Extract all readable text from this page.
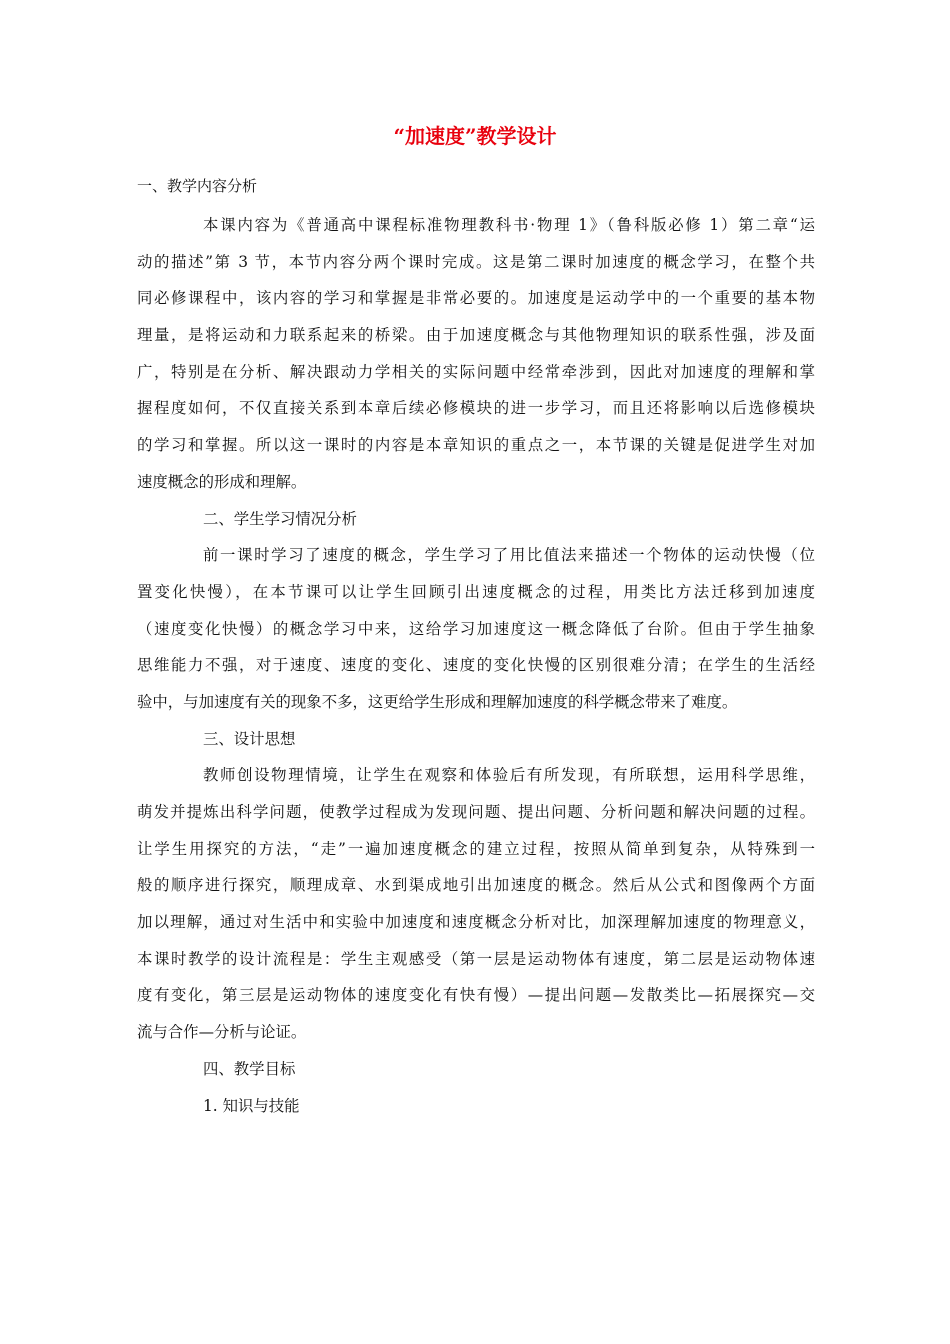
“加速度”教学设计

一、教学内容分析

本课内容为《普通高中课程标准物理教科书·物理 1》（鲁科版必修 1）第二章“运
动的描述”第 3 节，本节内容分两个课时完成。这是第二课时加速度的概念学习，在整个共
同必修课程中，该内容的学习和掌握是非常必要的。加速度是运动学中的一个重要的基本物
理量，是将运动和力联系起来的桥梁。由于加速度概念与其他物理知识的联系性强，涉及面
广，特别是在分析、解决跟动力学相关的实际问题中经常牵涉到，因此对加速度的理解和掌
握程度如何，不仅直接关系到本章后续必修模块的进一步学习，而且还将影响以后选修模块
的学习和掌握。所以这一课时的内容是本章知识的重点之一，本节课的关键是促进学生对加
速度概念的形成和理解。
二、学生学习情况分析
前一课时学习了速度的概念，学生学习了用比值法来描述一个物体的运动快慢（位
置变化快慢），在本节课可以让学生回顾引出速度概念的过程，用类比方法迁移到加速度
（速度变化快慢）的概念学习中来，这给学习加速度这一概念降低了台阶。但由于学生抽象
思维能力不强，对于速度、速度的变化、速度的变化快慢的区别很难分清；在学生的生活经
验中，与加速度有关的现象不多，这更给学生形成和理解加速度的科学概念带来了难度。
三、设计思想
教师创设物理情境，让学生在观察和体验后有所发现，有所联想，运用科学思维，
萌发并提炼出科学问题，使教学过程成为发现问题、提出问题、分析问题和解决问题的过程。
让学生用探究的方法，“走”一遍加速度概念的建立过程，按照从简单到复杂，从特殊到一
般的顺序进行探究，顺理成章、水到渠成地引出加速度的概念。然后从公式和图像两个方面
加以理解，通过对生活中和实验中加速度和速度概念分析对比，加深理解加速度的物理意义，
本课时教学的设计流程是：学生主观感受（第一层是运动物体有速度，第二层是运动物体速
度有变化，第三层是运动物体的速度变化有快有慢）—提出问题—发散类比—拓展探究—交
流与合作—分析与论证。
四、教学目标
1. 知识与技能
